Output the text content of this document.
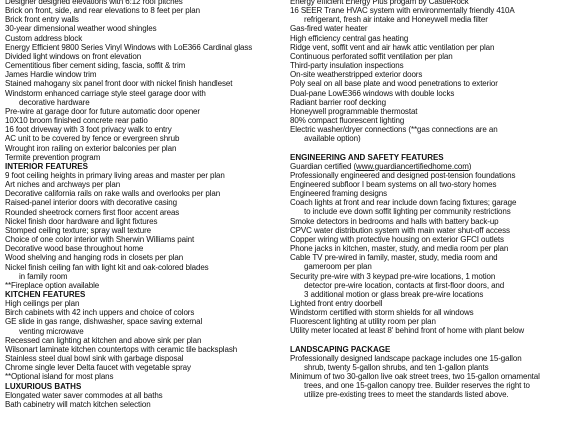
Designer designed elevations with 6:12 roof pitches
Brick on front, side, and rear elevations to 8 feet per plan
Brick front entry walls
30-year dimensional weather wood shingles
Custom address block
Energy Efficient 9800 Series Vinyl Windows with LoE366 Cardinal glass
Divided light windows on front elevation
Cementitious fiber cement siding, fascia, soffit & trim
James Hardie window trim
Stained mahogany six panel front door with nickel finish handleset
Windstorm enhanced carriage style steel garage door with
decorative hardware
Pre-wire at garage door for future automatic door opener
10X10 broom finished concrete rear patio
16 foot driveway with 3 foot privacy walk to entry
AC unit to be covered by fence or evergreen shrub
Wrought iron railing on exterior balconies per plan
Termite prevention program
INTERIOR FEATURES
9 foot ceiling heights in primary living areas and master per plan
Art niches and archways per plan
Decorative california rails on rake walls and overlooks per plan
Raised-panel interior doors with decorative casing
Rounded sheetrock corners first floor accent areas
Nickel finish door hardware and light fixtures
Stomped ceiling texture; spray wall texture
Choice of one color interior with Sherwin Williams paint
Decorative wood base throughout home
Wood shelving and hanging rods in closets per plan
Nickel finish ceiling fan with light kit and oak-colored blades
in family room
**Fireplace option available
KITCHEN FEATURES
High ceilings per plan
Birch cabinets with 42 inch uppers and choice of colors
GE slide in gas range, dishwasher, space saving external
venting microwave
Recessed can lighting at kitchen and above sink per plan
Wilsonart laminate kitchen countertops with ceramic tile backsplash
Stainless steel dual bowl sink with garbage disposal
Chrome single lever Delta faucet with vegetable spray
**Optional island for most plans
LUXURIOUS BATHS
Elongated water saver commodes at all baths
Bath cabinetry will match kitchen selection
Energy efficient Energy Plus progam by CastleRock
16 SEER Trane HVAC system with environmentally friendly 410A
refrigerant, fresh air intake and Honeywell media filter
Gas-fired water heater
High efficiency central gas heating
Ridge vent, soffit vent and air hawk attic ventilation per plan
Continuous perforated soffit ventilation per plan
Third-party insulation inspections
On-site weatherstripped exterior doors
Poly seal on all base plate and wood penetrations to exterior
Dual-pane LowE366 windows with double locks
Radiant barrier roof decking
Honeywell programmable thermostat
80% compact fluorescent lighting
Electric washer/dryer connections (**gas connections are an
available option)
ENGINEERING AND SAFETY FEATURES
Guardian certified (www.guardiancertifiedhome.com)
Professionally engineered and designed post-tension foundations
Engineered subfloor I beam systems on all two-story homes
Engineered framing designs
Coach lights at front and rear include down facing fixtures; garage
to include eve down soffit lighting per community restrictions
Smoke detectors in bedrooms and halls with battery back-up
CPVC water distribution system with main water shut-off access
Copper wiring with protective housing on exterior GFCI outlets
Phone jacks in kitchen, master, study, and media room per plan
Cable TV pre-wired in family, master, study, media room and
gameroom per plan
Security pre-wire with 3 keypad pre-wire locations, 1 motion
detector pre-wire location, contacts at first-floor doors, and
3 additional motion or glass break pre-wire locations
Lighted front entry doorbell
Windstorm certified with storm shields for all windows
Fluorescent lighting at utility room per plan
Utility meter located at least 8' behind front of home with plant below
LANDSCAPING PACKAGE
Professionally designed landscape package includes one 15-gallon
shrub, twenty 5-gallon shrubs, and ten 1-gallon plants
Minimum of two 30-gallon live oak street trees, two 15-gallon ornamental
trees, and one 15-gallon canopy tree. Builder reserves the right to
utilize pre-existing trees to meet the standards listed above.
